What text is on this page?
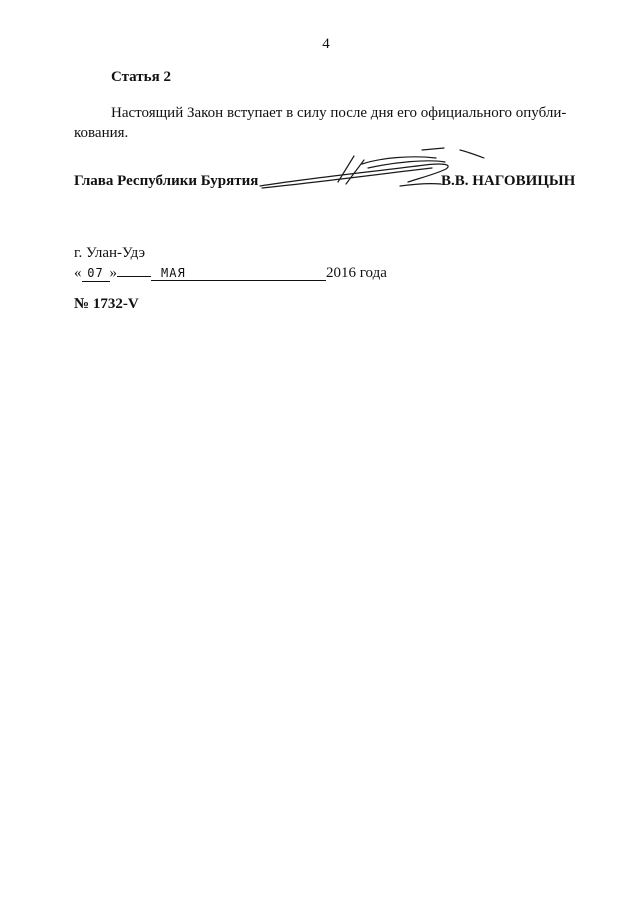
4
Статья 2
Настоящий Закон вступает в силу после дня его официального опубли-
кования.
Глава Республики Бурятия	В.В. НАГОВИЦЫН
г. Улан-Удэ
« 07 »	МАЯ	2016 года
№ 1732-V
